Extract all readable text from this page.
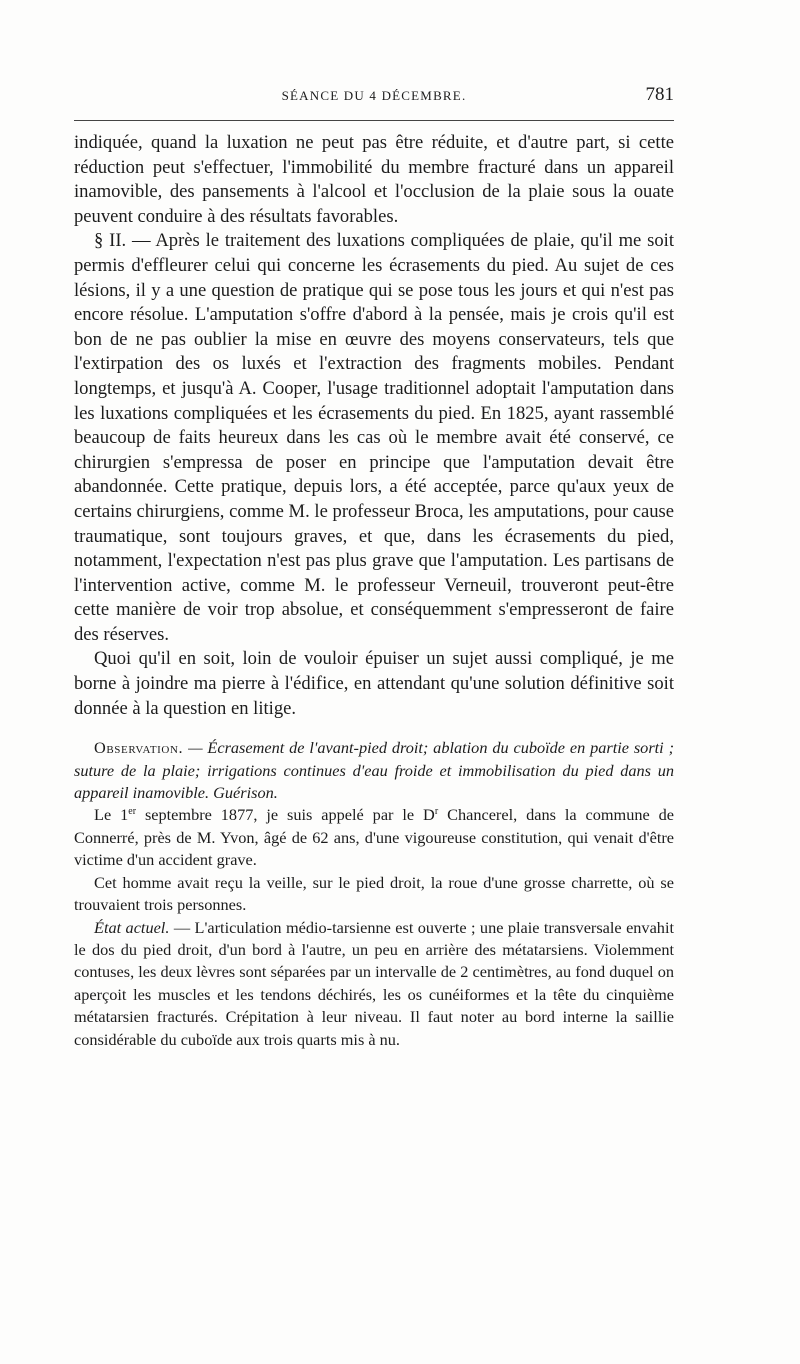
SÉANCE DU 4 DÉCEMBRE.	781

indiquée, quand la luxation ne peut pas être réduite, et d'autre part, si cette réduction peut s'effectuer, l'immobilité du membre fracturé dans un appareil inamovible, des pansements à l'alcool et l'occlusion de la plaie sous la ouate peuvent conduire à des résultats favorables.

§ II. — Après le traitement des luxations compliquées de plaie, qu'il me soit permis d'effleurer celui qui concerne les écrasements du pied. Au sujet de ces lésions, il y a une question de pratique qui se pose tous les jours et qui n'est pas encore résolue. L'amputation s'offre d'abord à la pensée, mais je crois qu'il est bon de ne pas oublier la mise en œuvre des moyens conservateurs, tels que l'extirpation des os luxés et l'extraction des fragments mobiles. Pendant longtemps, et jusqu'à A. Cooper, l'usage traditionnel adoptait l'amputation dans les luxations compliquées et les écrasements du pied. En 1825, ayant rassemblé beaucoup de faits heureux dans les cas où le membre avait été conservé, ce chirurgien s'empressa de poser en principe que l'amputation devait être abandonnée. Cette pratique, depuis lors, a été acceptée, parce qu'aux yeux de certains chirurgiens, comme M. le professeur Broca, les amputations, pour cause traumatique, sont toujours graves, et que, dans les écrasements du pied, notamment, l'expectation n'est pas plus grave que l'amputation. Les partisans de l'intervention active, comme M. le professeur Verneuil, trouveront peut-être cette manière de voir trop absolue, et conséquemment s'empresseront de faire des réserves.

Quoi qu'il en soit, loin de vouloir épuiser un sujet aussi compliqué, je me borne à joindre ma pierre à l'édifice, en attendant qu'une solution définitive soit donnée à la question en litige.

Observation. — Écrasement de l'avant-pied droit; ablation du cuboïde en partie sorti ; suture de la plaie; irrigations continues d'eau froide et immobilisation du pied dans un appareil inamovible. Guérison.

Le 1er septembre 1877, je suis appelé par le $D^r$ Chancerel, dans la commune de Connerré, près de M. Yvon, âgé de 62 ans, d'une vigoureuse constitution, qui venait d'être victime d'un accident grave.

Cet homme avait reçu la veille, sur le pied droit, la roue d'une grosse charrette, où se trouvaient trois personnes.

État actuel. — L'articulation médio-tarsienne est ouverte ; une plaie transversale envahit le dos du pied droit, d'un bord à l'autre, un peu en arrière des métatarsiens. Violemment contuses, les deux lèvres sont séparées par un intervalle de 2 centimètres, au fond duquel on aperçoit les muscles et les tendons déchirés, les os cunéiformes et la tête du cinquième métatarsien fracturés. Crépitation à leur niveau. Il faut noter au bord interne la saillie considérable du cuboïde aux trois quarts mis à nu.
